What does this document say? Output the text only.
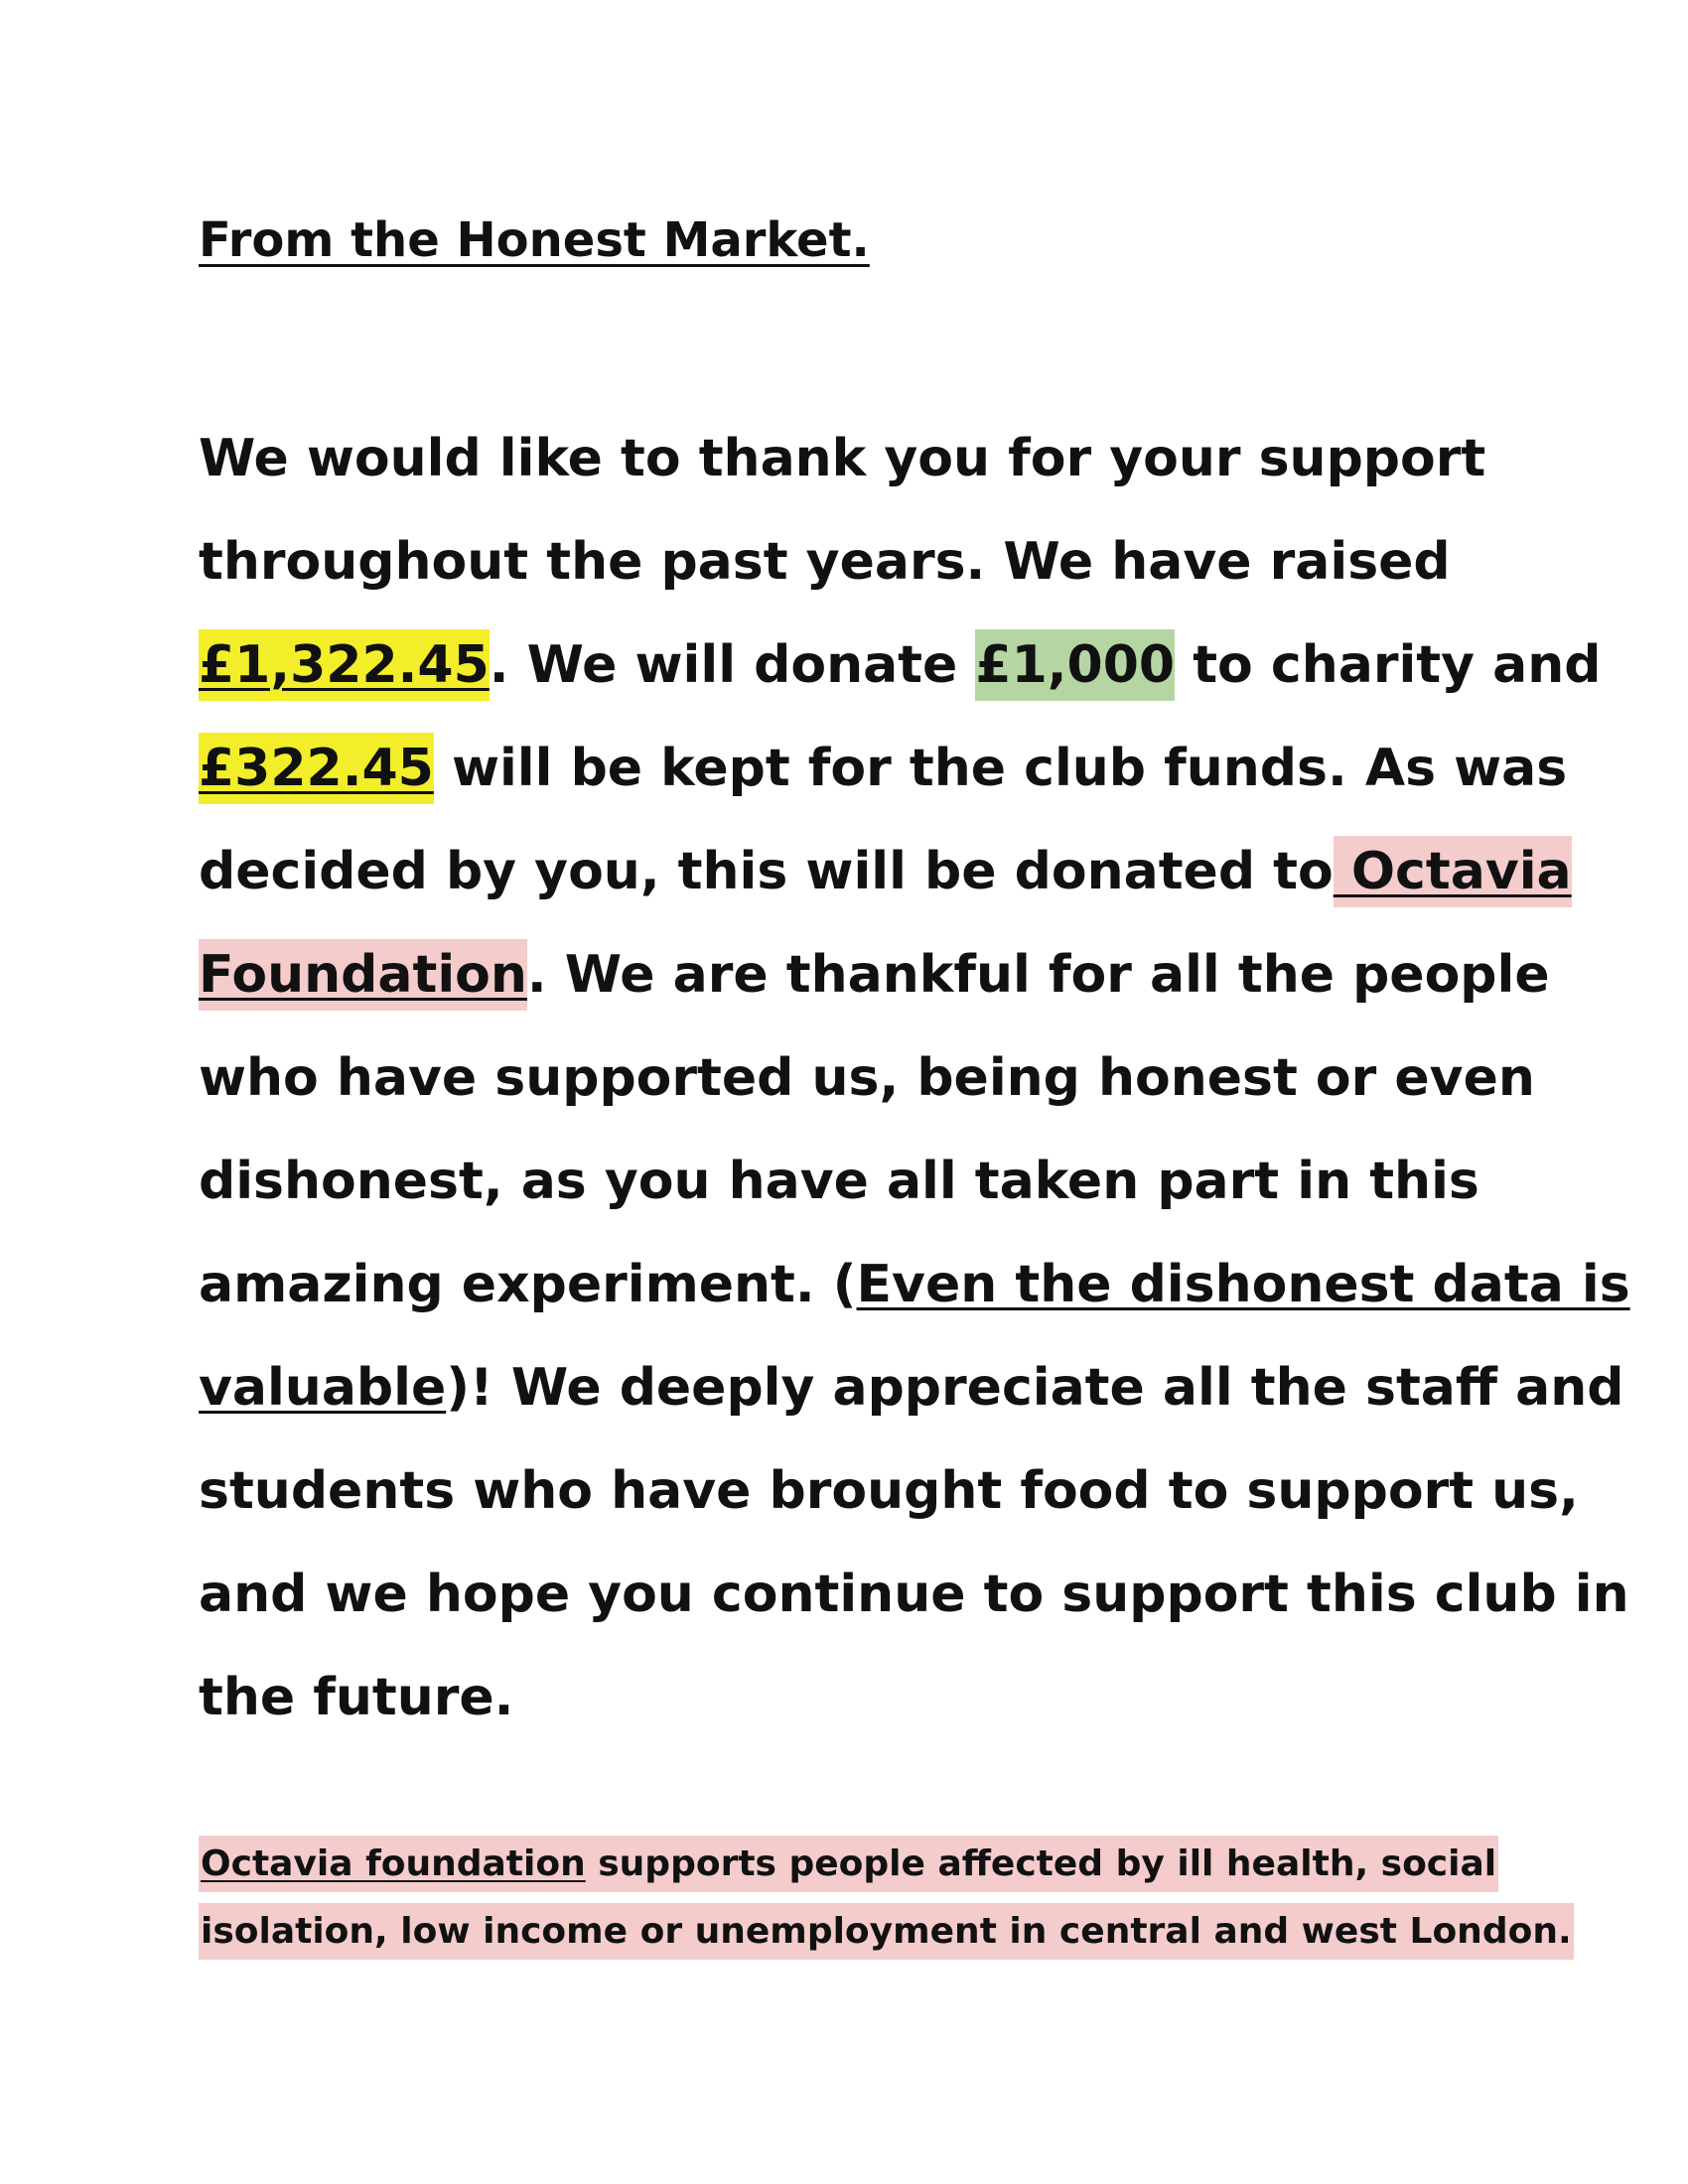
From the Honest Market.
We would like to thank you for your support
throughout the past years. We have raised
£1,322.45. We will donate £1,000 to charity and
£322.45 will be kept for the club funds. As was
decided by you, this will be donated to Octavia
Foundation. We are thankful for all the people
who have supported us, being honest or even
dishonest, as you have all taken part in this
amazing experiment. (Even the dishonest data is
valuable)! We deeply appreciate all the staff and
students who have brought food to support us,
and we hope you continue to support this club in
the future.
Octavia foundation supports people affected by ill health, social
isolation, low income or unemployment in central and west London.
